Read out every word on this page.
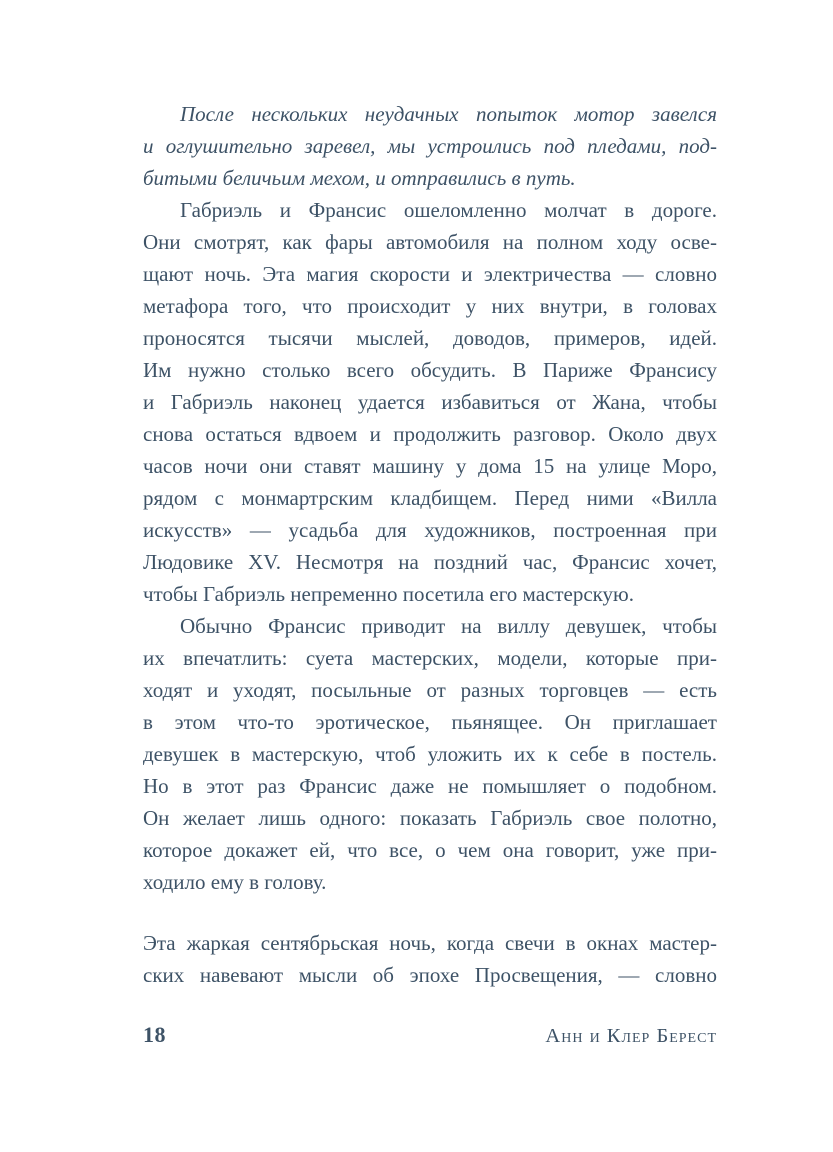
После нескольких неудачных попыток мотор завелся
и оглушительно заревел, мы устроились под пледами, под-
битыми беличьим мехом, и отправились в путь.
Габриэль и Франсис ошеломленно молчат в дороге.
Они смотрят, как фары автомобиля на полном ходу осве-
щают ночь. Эта магия скорости и электричества — словно
метафора того, что происходит у них внутри, в головах
проносятся тысячи мыслей, доводов, примеров, идей.
Им нужно столько всего обсудить. В Париже Франсису
и Габриэль наконец удается избавиться от Жана, чтобы
снова остаться вдвоем и продолжить разговор. Около двух
часов ночи они ставят машину у дома 15 на улице Моро,
рядом с монмартрским кладбищем. Перед ними «Вилла
искусств» — усадьба для художников, построенная при
Людовике XV. Несмотря на поздний час, Франсис хочет,
чтобы Габриэль непременно посетила его мастерскую.
Обычно Франсис приводит на виллу девушек, чтобы
их впечатлить: суета мастерских, модели, которые при-
ходят и уходят, посыльные от разных торговцев — есть
в этом что-то эротическое, пьянящее. Он приглашает
девушек в мастерскую, чтоб уложить их к себе в постель.
Но в этот раз Франсис даже не помышляет о подобном.
Он желает лишь одного: показать Габриэль свое полотно,
которое докажет ей, что все, о чем она говорит, уже при-
ходило ему в голову.
Эта жаркая сентябрьская ночь, когда свечи в окнах мастер-
ских навевают мысли об эпохе Просвещения, — словно
18	Анн и Клер Берест
